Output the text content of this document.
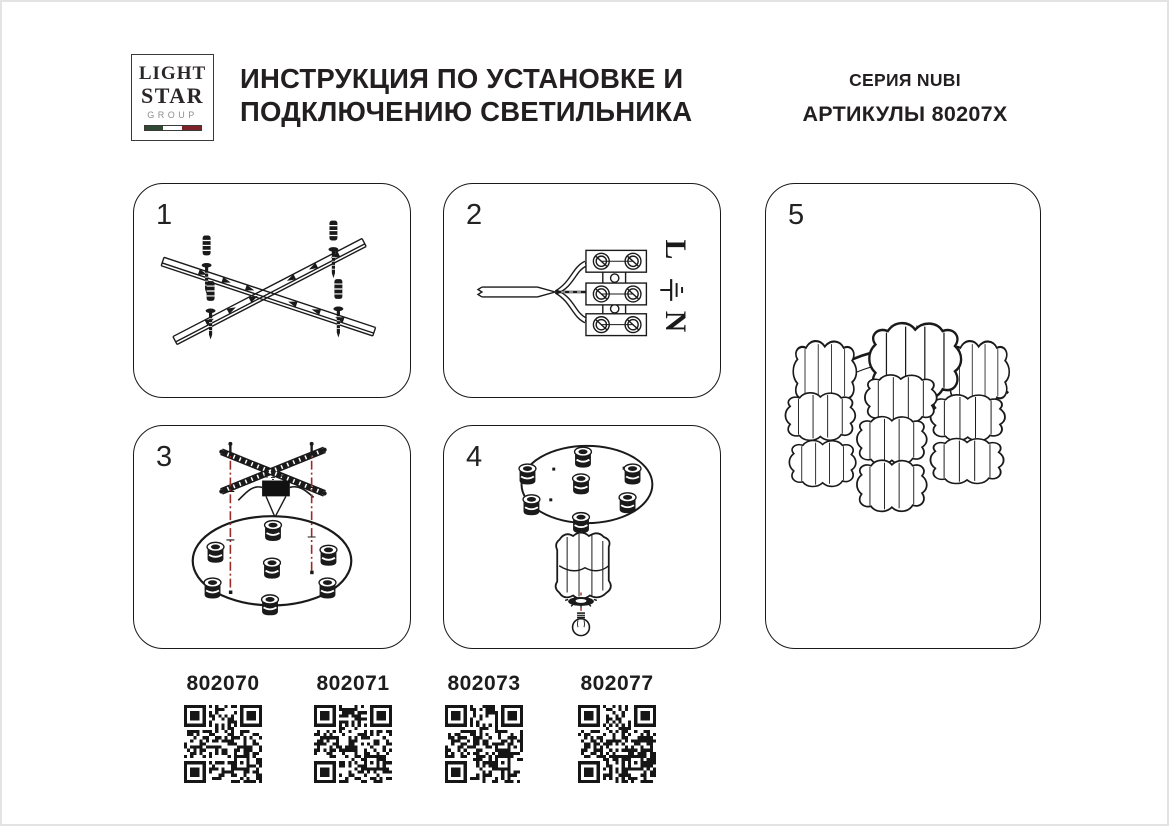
LIGHT
STAR
GROUP
ИНСТРУКЦИЯ ПО УСТАНОВКЕ И
ПОДКЛЮЧЕНИЮ СВЕТИЛЬНИКА
СЕРИЯ NUBI
АРТИКУЛЫ 80207X
1	2
L
N
3
L N
4
5
802070	802071	802073	802077
